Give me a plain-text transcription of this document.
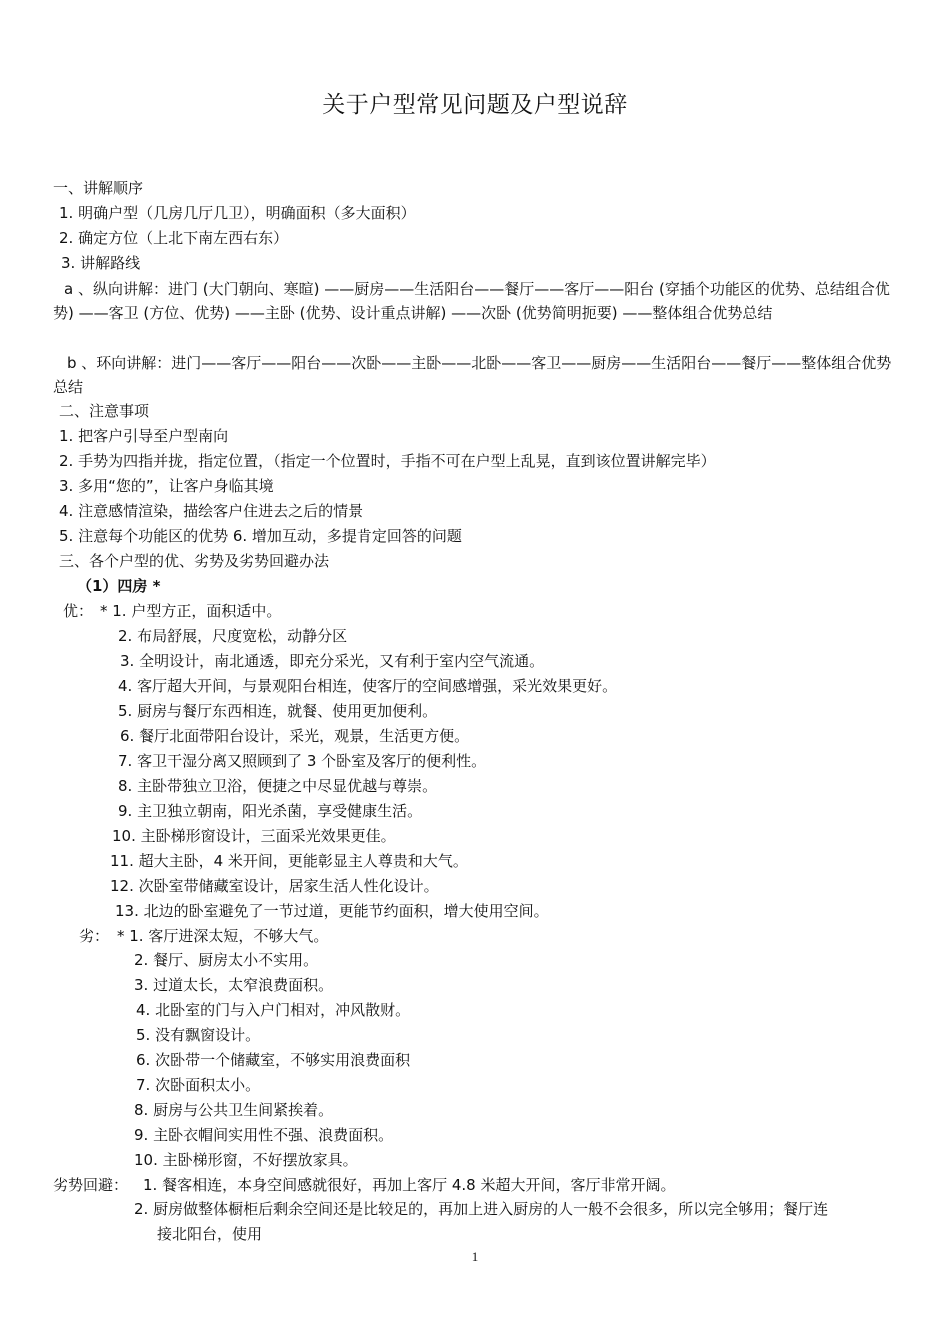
关于户型常见问题及户型说辞

一、讲解顺序

1. 明确户型（几房几厅几卫），明确面积（多大面积）

2. 确定方位（上北下南左西右东）

3. 讲解路线

a 、纵向讲解：进门 (大门朝向、寒暄) ——厨房——生活阳台——餐厅——客厅——阳台 (穿插个功能区的优势、总结组合优势) ——客卫 (方位、优势) ——主卧 (优势、设计重点讲解) ——次卧 (优势简明扼要) ——整体组合优势总结

b 、环向讲解：进门——客厅——阳台——次卧——主卧——北卧——客卫——厨房——生活阳台——餐厅——整体组合优势总结

二、注意事项

1. 把客户引导至户型南向

2. 手势为四指并拢，指定位置，（指定一个位置时，手指不可在户型上乱晃，直到该位置讲解完毕）

3. 多用“您的”，让客户身临其境

4. 注意感情渲染，描绘客户住进去之后的情景

5. 注意每个功能区的优势 6. 增加互动，多提肯定回答的问题

三、各个户型的优、劣势及劣势回避办法

（1）四房 *

优： * 1. 户型方正，面积适中。

2. 布局舒展，尺度宽松，动静分区

3. 全明设计，南北通透，即充分采光，又有利于室内空气流通。

4. 客厅超大开间，与景观阳台相连，使客厅的空间感增强，采光效果更好。

5. 厨房与餐厅东西相连，就餐、使用更加便利。

6. 餐厅北面带阳台设计，采光，观景，生活更方便。

7. 客卫干湿分离又照顾到了 3 个卧室及客厅的便利性。

8. 主卧带独立卫浴，便捷之中尽显优越与尊崇。

9. 主卫独立朝南，阳光杀菌，享受健康生活。

10. 主卧梯形窗设计，三面采光效果更佳。

11. 超大主卧，4 米开间，更能彰显主人尊贵和大气。

12. 次卧室带储藏室设计，居家生活人性化设计。

13. 北边的卧室避免了一节过道，更能节约面积，增大使用空间。

劣： * 1. 客厅进深太短，不够大气。

2. 餐厅、厨房太小不实用。

3. 过道太长，太窄浪费面积。

4. 北卧室的门与入户门相对，冲风散财。

5. 没有飘窗设计。

6. 次卧带一个储藏室，不够实用浪费面积

7. 次卧面积太小。

8. 厨房与公共卫生间紧挨着。

9. 主卧衣帽间实用性不强、浪费面积。

10. 主卧梯形窗，不好摆放家具。

劣势回避： 1. 餐客相连，本身空间感就很好，再加上客厅 4.8 米超大开间，客厅非常开阔。

2. 厨房做整体橱柜后剩余空间还是比较足的，再加上进入厨房的人一般不会很多，所以完全够用；餐厅连

接北阳台，使用

1
